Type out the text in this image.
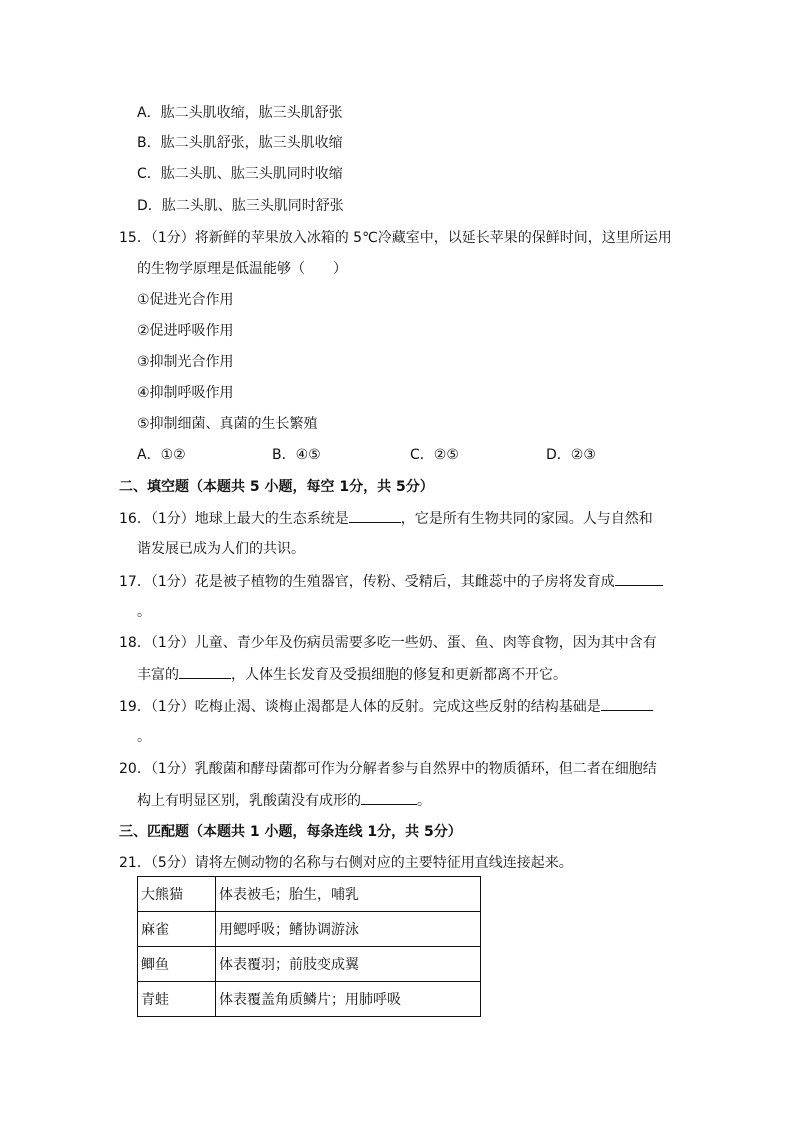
A．肱二头肌收缩，肱三头肌舒张
B．肱二头肌舒张，肱三头肌收缩
C．肱二头肌、肱三头肌同时收缩
D．肱二头肌、肱三头肌同时舒张
15．（1分）将新鲜的苹果放入冰箱的 5℃冷藏室中，以延长苹果的保鲜时间，这里所运用
的生物学原理是低温能够（　　）
①促进光合作用
②促进呼吸作用
③抑制光合作用
④抑制呼吸作用
⑤抑制细菌、真菌的生长繁殖
A．①②	B．④⑤	C．②⑤	D．②③
二、填空题（本题共 5 小题，每空 1分，共 5分）
16．（1分）地球上最大的生态系统是	，它是所有生物共同的家园。人与自然和
谐发展已成为人们的共识。
17．（1分）花是被子植物的生殖器官，传粉、受精后，其雌蕊中的子房将发育成
。
18．（1分）儿童、青少年及伤病员需要多吃一些奶、蛋、鱼、肉等食物，因为其中含有
丰富的	，人体生长发育及受损细胞的修复和更新都离不开它。
19．（1分）吃梅止渴、谈梅止渴都是人体的反射。完成这些反射的结构基础是
。
20．（1分）乳酸菌和酵母菌都可作为分解者参与自然界中的物质循环，但二者在细胞结
构上有明显区别，乳酸菌没有成形的	。
三、匹配题（本题共 1 小题，每条连线 1分，共 5分）
21．（5分）请将左侧动物的名称与右侧对应的主要特征用直线连接起来。
大熊猫	体表被毛；胎生，哺乳
麻雀	用鳃呼吸；鳍协调游泳
鲫鱼	体表覆羽；前肢变成翼
青蛙	体表覆盖角质鳞片；用肺呼吸
